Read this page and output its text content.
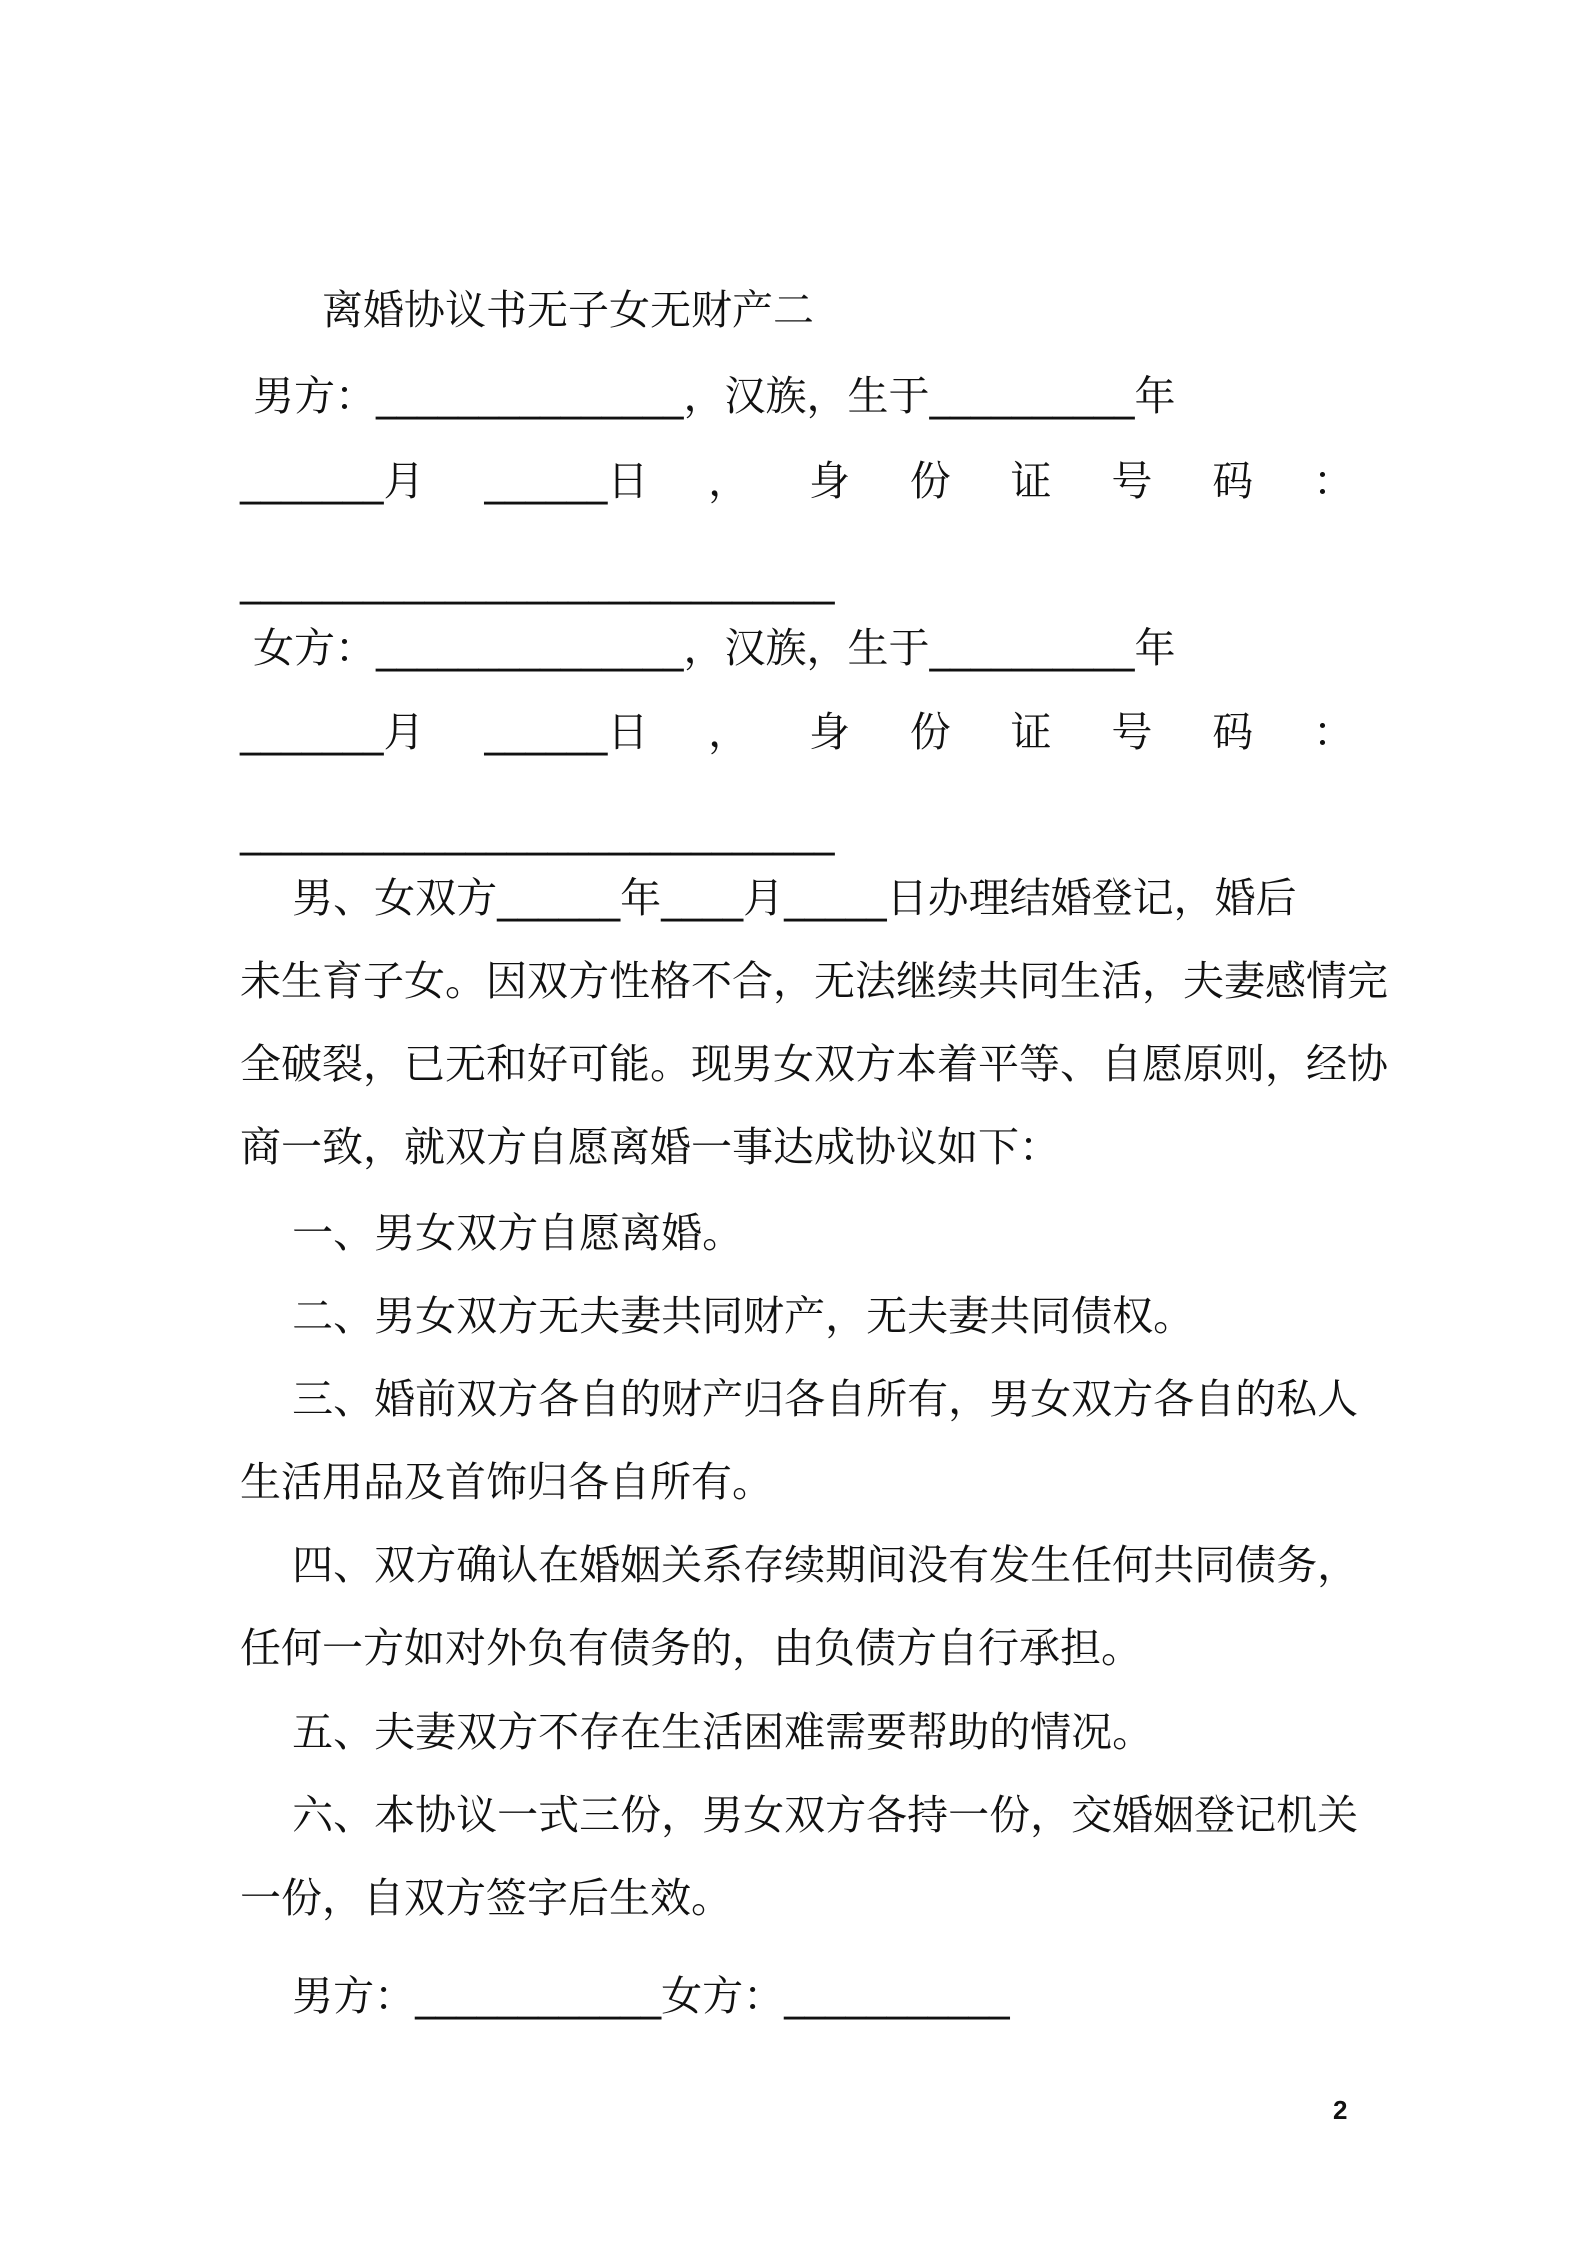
离婚协议书无子女无财产二
男方：_______________，汉族，生于__________年
_______月 ______日 ， 身 份 证 号 码 ：
_____________________________
女方：_______________，汉族，生于__________年
_______月 ______日 ， 身 份 证 号 码 ：
_____________________________
男、女双方______年____月_____日办理结婚登记，婚后
未生育子女。因双方性格不合，无法继续共同生活，夫妻感情完
全破裂，已无和好可能。现男女双方本着平等、自愿原则，经协
商一致，就双方自愿离婚一事达成协议如下：
一、男女双方自愿离婚。
二、男女双方无夫妻共同财产，无夫妻共同债权。
三、婚前双方各自的财产归各自所有，男女双方各自的私人
生活用品及首饰归各自所有。
四、双方确认在婚姻关系存续期间没有发生任何共同债务，
任何一方如对外负有债务的，由负债方自行承担。
五、夫妻双方不存在生活困难需要帮助的情况。
六、本协议一式三份，男女双方各持一份，交婚姻登记机关
一份，自双方签字后生效。
男方：____________女方：___________
2
